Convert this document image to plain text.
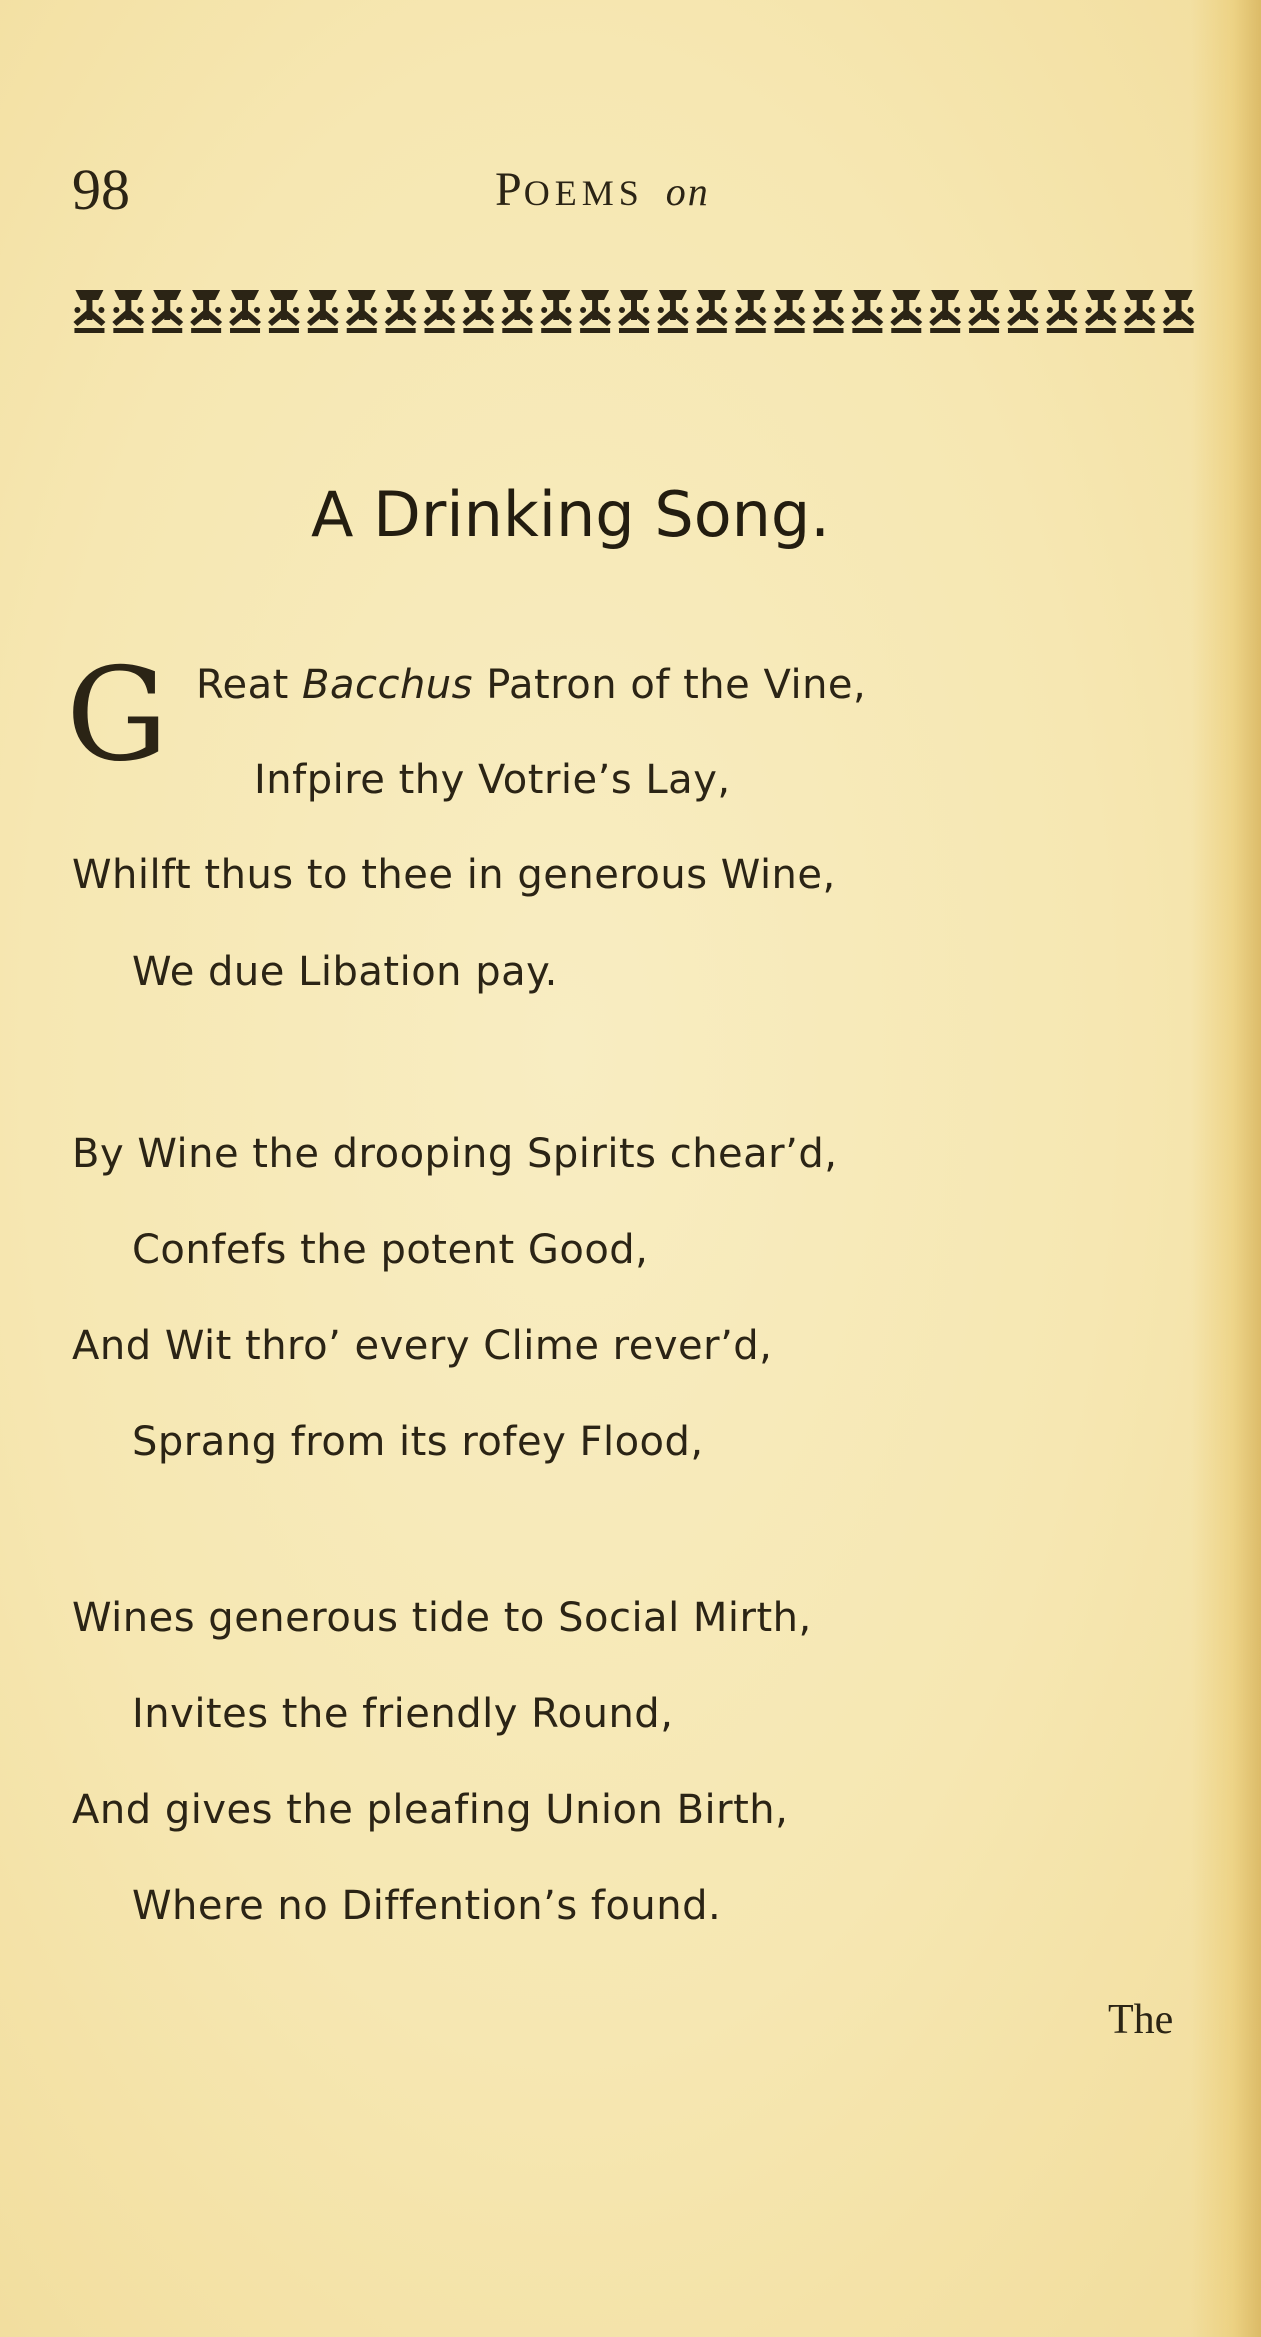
98	POEMS on
A Drinking Song.
G Reat Bacchus Patron of the Vine,
Infpire thy Votrie’s Lay,
Whilft thus to thee in generous Wine,
We due Libation pay.
By Wine the drooping Spirits chear’d,
Confefs the potent Good,
And Wit thro’ every Clime rever’d,
Sprang from its rofey Flood,
Wines generous tide to Social Mirth,
Invites the friendly Round,
And gives the pleafing Union Birth,
Where no Diffention’s found.
The
